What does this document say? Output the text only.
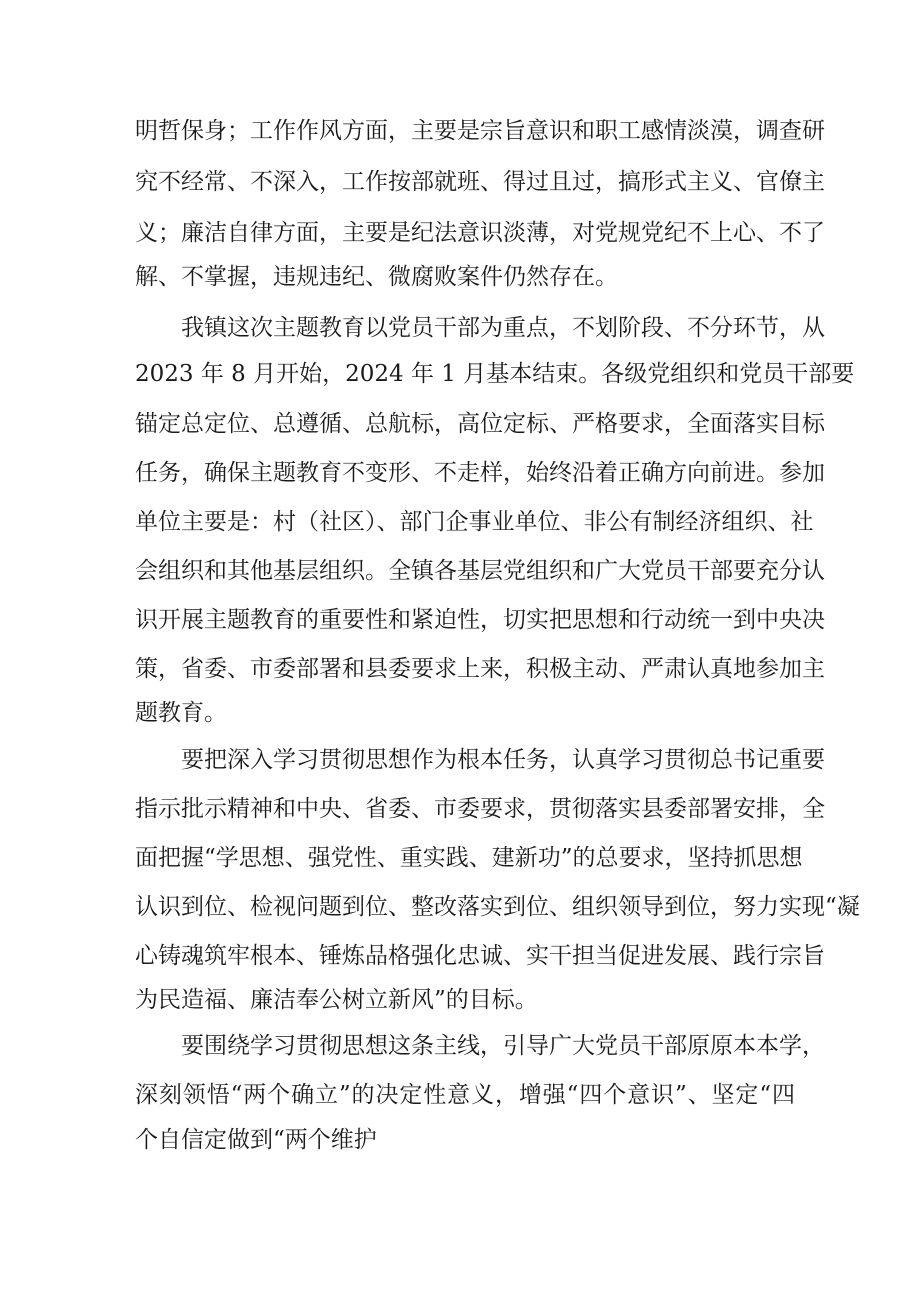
明哲保身；工作作风方面，主要是宗旨意识和职工感情淡漠，调查研
究不经常、不深入，工作按部就班、得过且过，搞形式主义、官僚主
义；廉洁自律方面，主要是纪法意识淡薄，对党规党纪不上心、不了
解、不掌握，违规违纪、微腐败案件仍然存在。
我镇这次主题教育以党员干部为重点，不划阶段、不分环节，从
2023 年 8 月开始，2024 年 1 月基本结束。各级党组织和党员干部要
锚定总定位、总遵循、总航标，高位定标、严格要求，全面落实目标
任务，确保主题教育不变形、不走样，始终沿着正确方向前进。参加
单位主要是：村（社区）、部门企事业单位、非公有制经济组织、社
会组织和其他基层组织。全镇各基层党组织和广大党员干部要充分认
识开展主题教育的重要性和紧迫性，切实把思想和行动统一到中央决
策，省委、市委部署和县委要求上来，积极主动、严肃认真地参加主
题教育。
要把深入学习贯彻思想作为根本任务，认真学习贯彻总书记重要
指示批示精神和中央、省委、市委要求，贯彻落实县委部署安排，全
面把握“学思想、强党性、重实践、建新功”的总要求，坚持抓思想
认识到位、检视问题到位、整改落实到位、组织领导到位，努力实现“凝
心铸魂筑牢根本、锤炼品格强化忠诚、实干担当促进发展、践行宗旨
为民造福、廉洁奉公树立新风”的目标。
要围绕学习贯彻思想这条主线，引导广大党员干部原原本本学，
深刻领悟“两个确立”的决定性意义，增强“四个意识”、坚定“四
个自信定做到“两个维护
